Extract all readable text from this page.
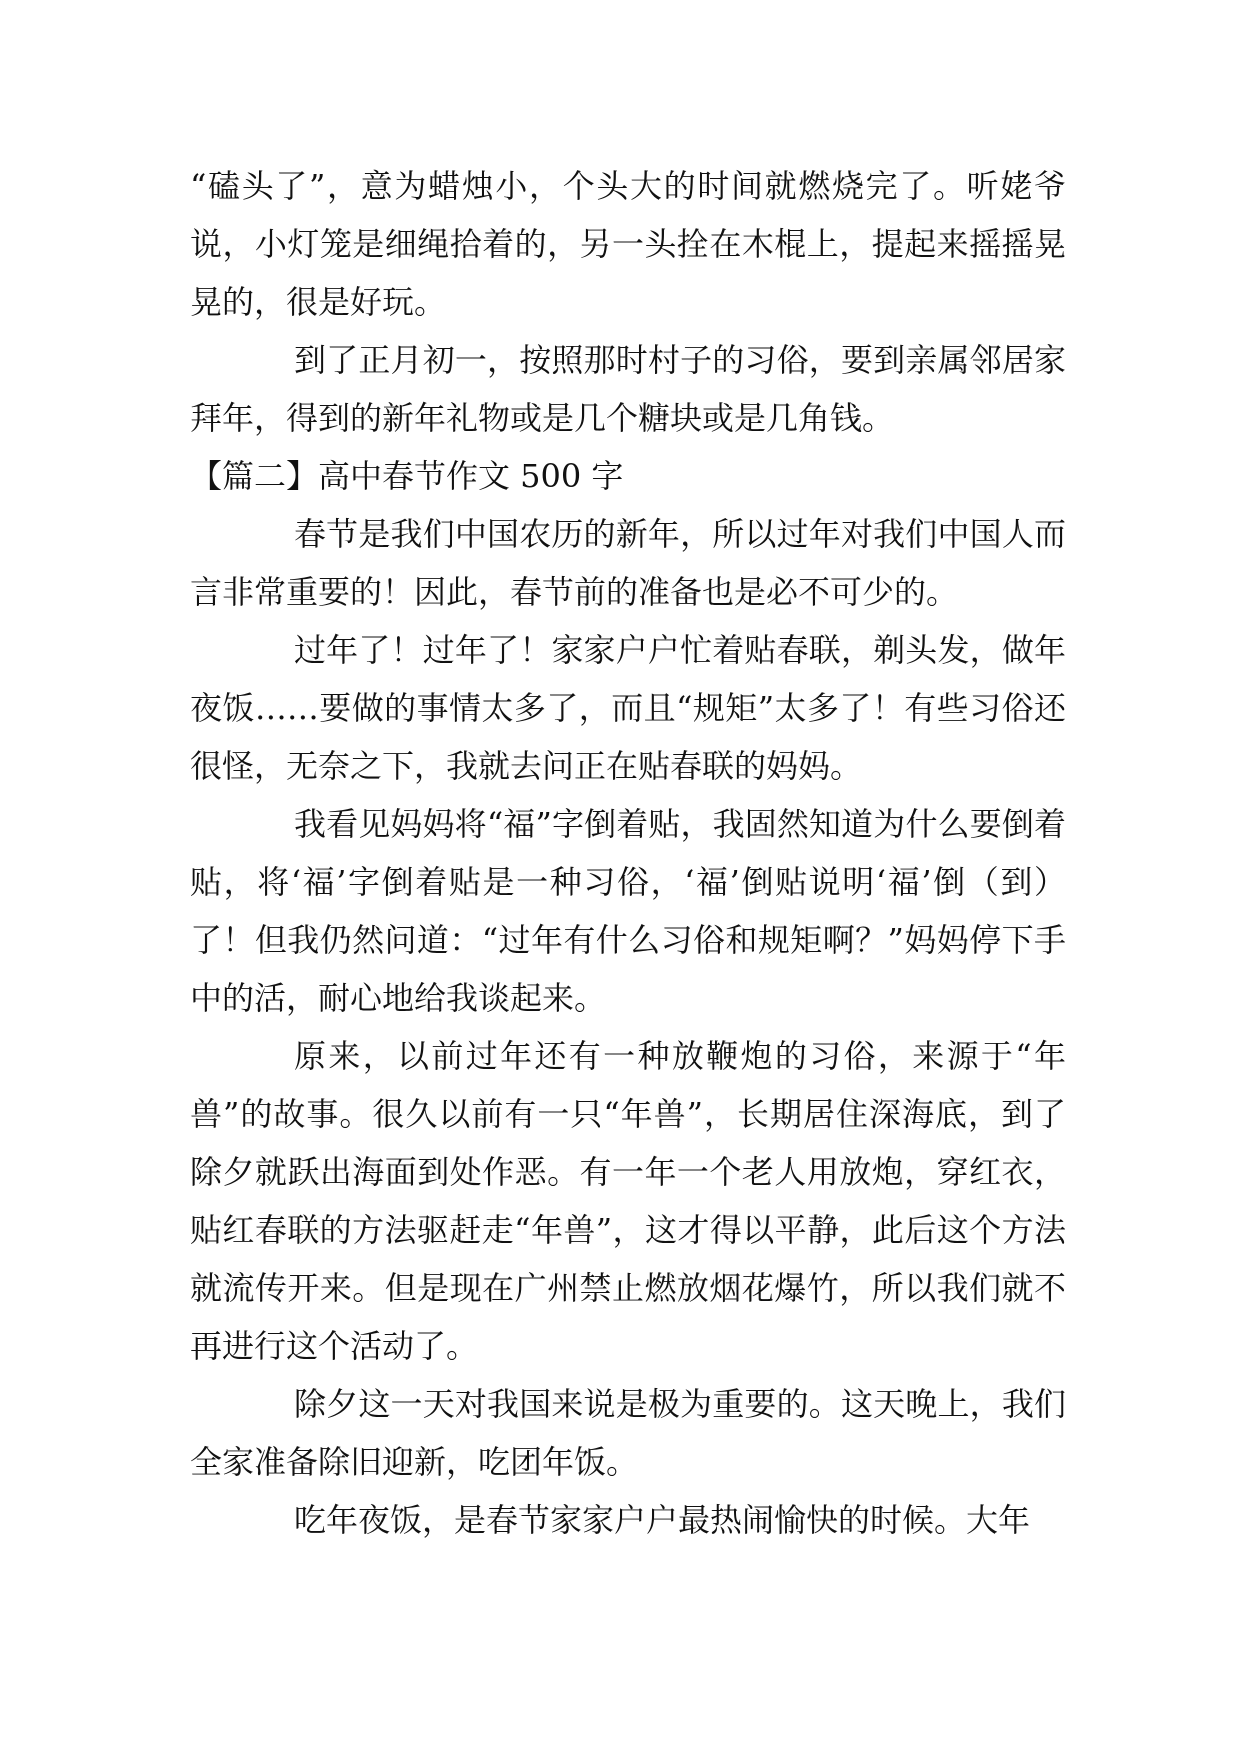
“磕头了”，意为蜡烛小，个头大的时间就燃烧完了。听姥爷说，小灯笼是细绳拾着的，另一头拴在木棍上，提起来摇摇晃晃的，很是好玩。

到了正月初一，按照那时村子的习俗，要到亲属邻居家拜年，得到的新年礼物或是几个糖块或是几角钱。

【篇二】高中春节作文 500 字

春节是我们中国农历的新年，所以过年对我们中国人而言非常重要的！因此，春节前的准备也是必不可少的。

过年了！过年了！家家户户忙着贴春联，剃头发，做年夜饭……要做的事情太多了，而且“规矩”太多了！有些习俗还很怪，无奈之下，我就去问正在贴春联的妈妈。

我看见妈妈将“福”字倒着贴，我固然知道为什么要倒着贴，将‘福’字倒着贴是一种习俗，‘福’倒贴说明‘福’倒（到）了！但我仍然问道：“过年有什么习俗和规矩啊？”妈妈停下手中的活，耐心地给我谈起来。

原来，以前过年还有一种放鞭炮的习俗，来源于“年兽”的故事。很久以前有一只“年兽”，长期居住深海底，到了除夕就跃出海面到处作恶。有一年一个老人用放炮，穿红衣，贴红春联的方法驱赶走“年兽”，这才得以平静，此后这个方法就流传开来。但是现在广州禁止燃放烟花爆竹，所以我们就不再进行这个活动了。

除夕这一天对我国来说是极为重要的。这天晚上，我们全家准备除旧迎新，吃团年饭。

吃年夜饭，是春节家家户户最热闹愉快的时候。大年
